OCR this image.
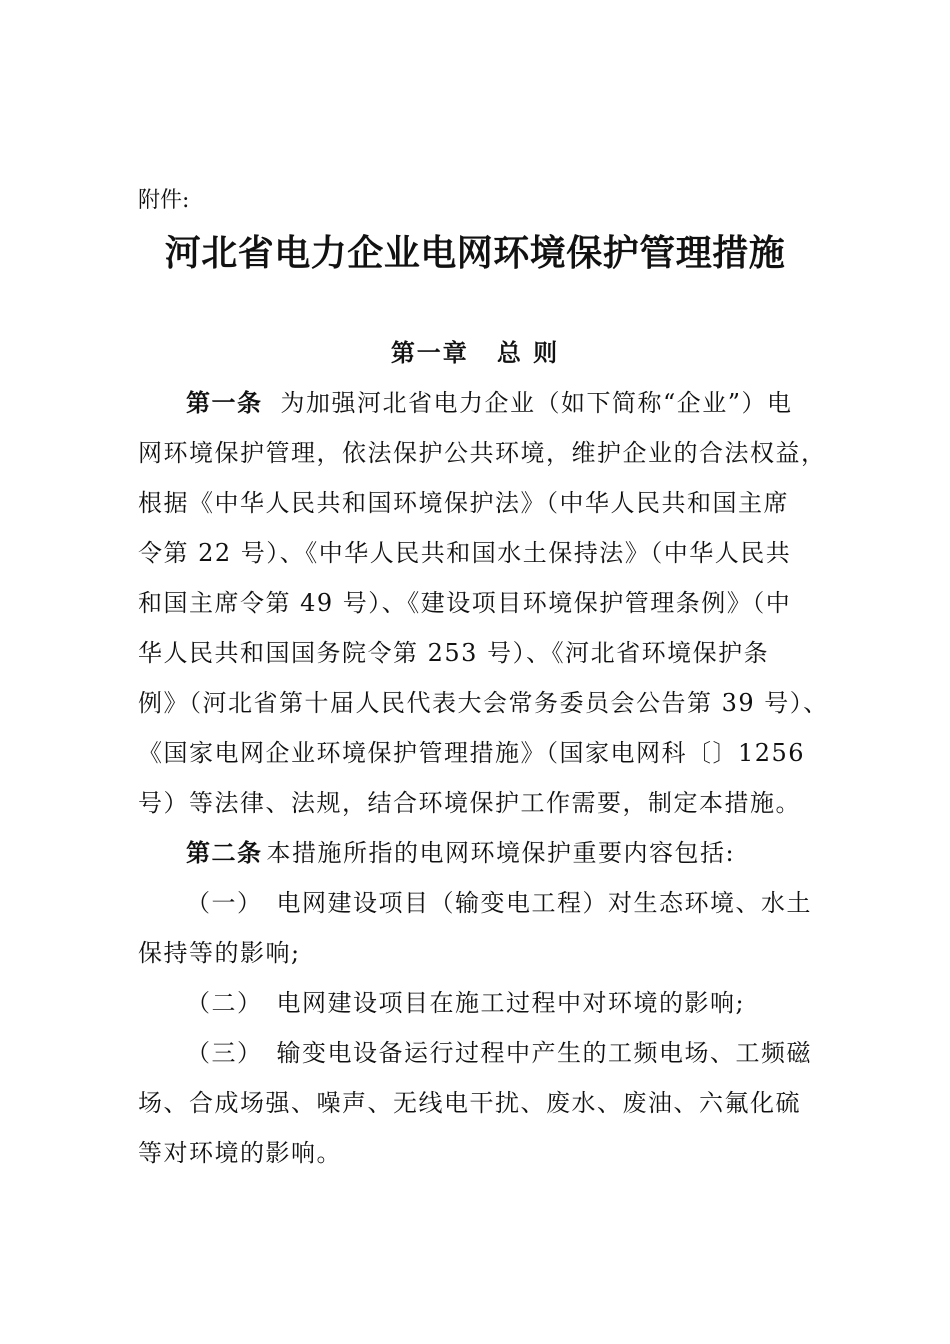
附件:
河北省电力企业电网环境保护管理措施
第一章 总 则
第一条 为加强河北省电力企业（如下简称“企业”）电
网环境保护管理，依法保护公共环境，维护企业的合法权益，
根据《中华人民共和国环境保护法》（中华人民共和国主席
令第 22 号）、《中华人民共和国水土保持法》（中华人民共
和国主席令第 49 号）、《建设项目环境保护管理条例》（中
华人民共和国国务院令第 253 号）、《河北省环境保护条
例》（河北省第十届人民代表大会常务委员会公告第 39 号）、
《国家电网企业环境保护管理措施》（国家电网科〔〕1256
号）等法律、法规，结合环境保护工作需要，制定本措施。
第二条 本措施所指的电网环境保护重要内容包括:
（一） 电网建设项目（输变电工程）对生态环境、水土
保持等的影响;
（二） 电网建设项目在施工过程中对环境的影响;
（三） 输变电设备运行过程中产生的工频电场、工频磁
场、合成场强、噪声、无线电干扰、废水、废油、六氟化硫
等对环境的影响。
